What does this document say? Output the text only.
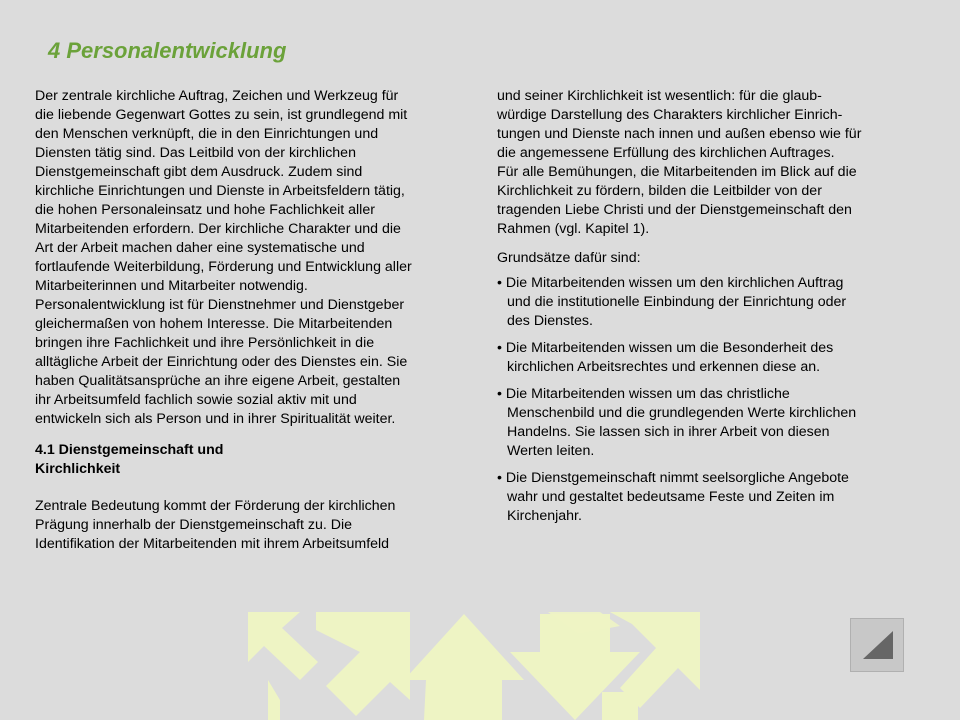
4 Personalentwicklung

Der zentrale kirchliche Auftrag, Zeichen und Werkzeug für
die liebende Gegenwart Gottes zu sein, ist grundlegend mit
den Menschen verknüpft, die in den Einrichtungen und
Diensten tätig sind. Das Leitbild von der kirchlichen
Dienstgemeinschaft gibt dem Ausdruck. Zudem sind
kirchliche Einrichtungen und Dienste in Arbeitsfeldern tätig,
die hohen Personaleinsatz und hohe Fachlichkeit aller
Mitarbeitenden erfordern. Der kirchliche Charakter und die
Art der Arbeit machen daher eine systematische und
fortlaufende Weiterbildung, Förderung und Entwicklung aller
Mitarbeiterinnen und Mitarbeiter notwendig.
Personalentwicklung ist für Dienstnehmer und Dienstgeber
gleichermaßen von hohem Interesse. Die Mitarbeitenden
bringen ihre Fachlichkeit und ihre Persönlichkeit in die
alltägliche Arbeit der Einrichtung oder des Dienstes ein. Sie
haben Qualitätsansprüche an ihre eigene Arbeit, gestalten
ihr Arbeitsumfeld fachlich sowie sozial aktiv mit und
entwickeln sich als Person und in ihrer Spiritualität weiter.

4.1 Dienstgemeinschaft und
Kirchlichkeit

Zentrale Bedeutung kommt der Förderung der kirchlichen
Prägung innerhalb der Dienstgemeinschaft zu. Die
Identifikation der Mitarbeitenden mit ihrem Arbeitsumfeld

und seiner Kirchlichkeit ist wesentlich: für die glaub-
würdige Darstellung des Charakters kirchlicher Einrich-
tungen und Dienste nach innen und außen ebenso wie für
die angemessene Erfüllung des kirchlichen Auftrages.
Für alle Bemühungen, die Mitarbeitenden im Blick auf die
Kirchlichkeit zu fördern, bilden die Leitbilder von der
tragenden Liebe Christi und der Dienstgemeinschaft den
Rahmen (vgl. Kapitel 1).

Grundsätze dafür sind:

• Die Mitarbeitenden wissen um den kirchlichen Auftrag
und die institutionelle Einbindung der Einrichtung oder
des Dienstes.
• Die Mitarbeitenden wissen um die Besonderheit des
kirchlichen Arbeitsrechtes und erkennen diese an.
• Die Mitarbeitenden wissen um das christliche
Menschenbild und die grundlegenden Werte kirchlichen
Handelns. Sie lassen sich in ihrer Arbeit von diesen
Werten leiten.
• Die Dienstgemeinschaft nimmt seelsorgliche Angebote
wahr und gestaltet bedeutsame Feste und Zeiten im
Kirchenjahr.
